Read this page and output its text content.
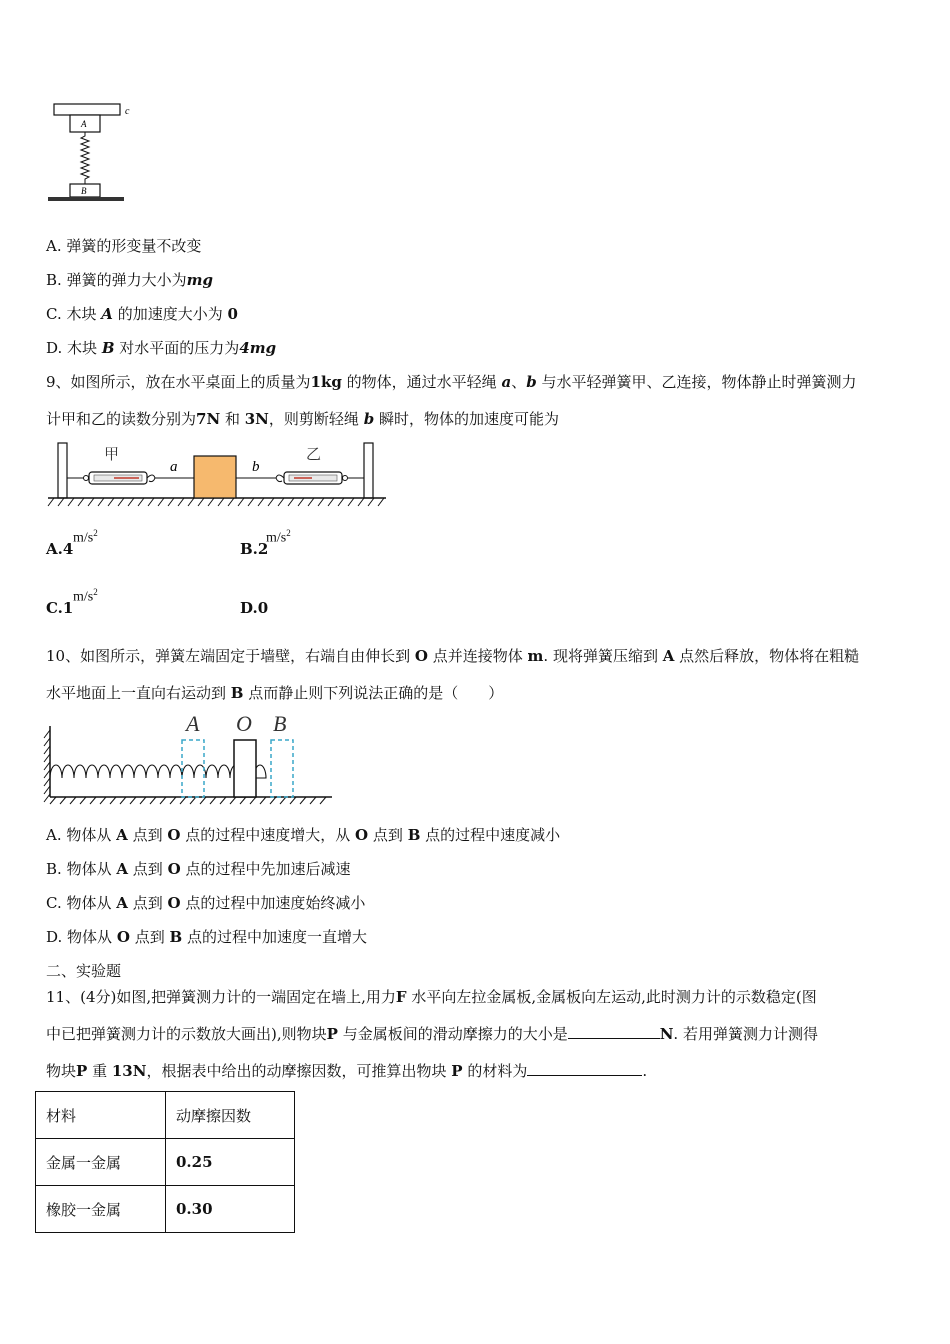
c
A
B
A. 弹簧的形变量不改变
B. 弹簧的弹力大小为mg
C. 木块 A 的加速度大小为 0
D. 木块 B 对水平面的压力为4mg
9、如图所示，放在水平桌面上的质量为1kg 的物体，通过水平轻绳 a、b 与水平轻弹簧甲、乙连接，物体静止时弹簧测力
计甲和乙的读数分别为7N 和 3N，则剪断轻绳 b 瞬时，物体的加速度可能为
甲	乙
a	b
A.4
$m/s^2$
B.2
$m/s^2$
C.1
$m/s^2$
D.0
10、如图所示，弹簧左端固定于墙壁，右端自由伸长到 O 点并连接物体 m. 现将弹簧压缩到 A 点然后释放，物体将在粗糙
水平地面上一直向右运动到 B 点而静止则下列说法正确的是（　　）
A O B
A. 物体从 A 点到 O 点的过程中速度增大，从 O 点到 B 点的过程中速度减小
B. 物体从 A 点到 O 点的过程中先加速后减速
C. 物体从 A 点到 O 点的过程中加速度始终减小
D. 物体从 O 点到 B 点的过程中加速度一直增大
二、实验题
11、(4分)如图,把弹簧测力计的一端固定在墙上,用力F 水平向左拉金属板,金属板向左运动,此时测力计的示数稳定(图
中已把弹簧测力计的示数放大画出),则物块P 与金属板间的滑动摩擦力的大小是	N. 若用弹簧测力计测得
物块P 重 13N，根据表中给出的动摩擦因数，可推算出物块 P 的材料为	.
材料	动摩擦因数
金属一金属	0.25
橡胶一金属	0.30
